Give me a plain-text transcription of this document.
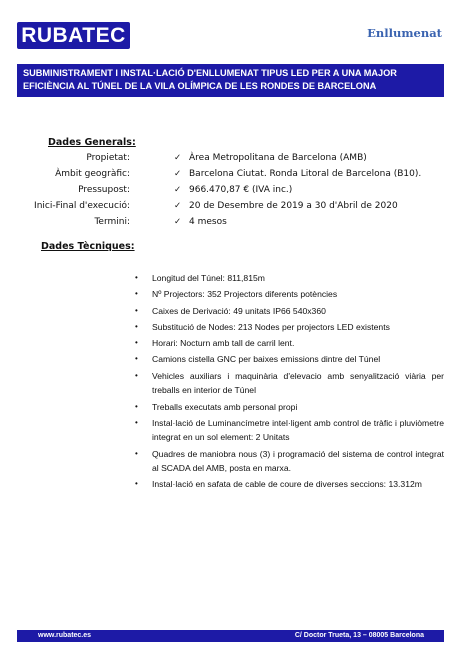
RUBATEC	Enllumenat
SUBMINISTRAMENT I INSTAL·LACIÓ D'ENLLUMENAT TIPUS LED PER A UNA MAJOR
EFICIÈNCIA AL TÚNEL DE LA VILA OLÍMPICA DE LES RONDES DE BARCELONA
Dades Generals:
Propietat:	✓ Àrea Metropolitana de Barcelona (AMB)
Àmbit geogràfic:	✓ Barcelona Ciutat. Ronda Litoral de Barcelona (B10).
Pressupost:	✓ 966.470,87 € (IVA inc.)
Inici-Final d'execució:	✓ 20 de Desembre de 2019 a 30 d'Abril de 2020
Termini:	✓ 4 mesos
Dades Tècniques:
• Longitud del Túnel: 811,815m
• Nº Projectors: 352 Projectors diferents potències
• Caixes de Derivació: 49 unitats IP66 540x360
• Substitució de Nodes: 213 Nodes per projectors LED existents
• Horari: Nocturn amb tall de carril lent.
• Camions cistella GNC per baixes emissions dintre del Túnel
• Vehicles auxiliars i maquinària d'elevacio amb senyalització viària per treballs en interior de Túnel
• Treballs executats amb personal propi
• Instal·lació de Luminancímetre intel·ligent amb control de tràfic i pluviòmetre integrat en un sol element: 2 Unitats
• Quadres de maniobra nous (3) i programació del sistema de control integrat al SCADA del AMB, posta en marxa.
• Instal·lació en safata de cable de coure de diverses seccions: 13.312m
www.rubatec.es	C/ Doctor Trueta, 13 – 08005 Barcelona
